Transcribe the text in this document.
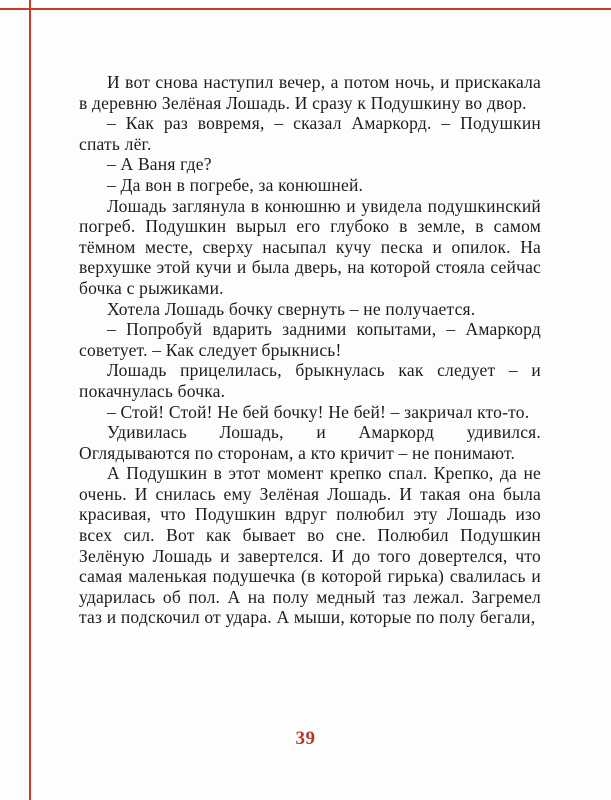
И вот снова наступил вечер, а потом ночь, и прискакала в деревню Зелёная Лошадь. И сразу к Подушкину во двор.

– Как раз вовремя, – сказал Амаркорд. – Подушкин спать лёг.

– А Ваня где?

– Да вон в погребе, за конюшней.

Лошадь заглянула в конюшню и увидела подушкинский погреб. Подушкин вырыл его глубоко в земле, в самом тёмном месте, сверху насыпал кучу песка и опилок. На верхушке этой кучи и была дверь, на которой стояла сейчас бочка с рыжиками.

Хотела Лошадь бочку свернуть – не получается.

– Попробуй вдарить задними копытами, – Амаркорд советует. – Как следует брыкнись!

Лошадь прицелилась, брыкнулась как следует – и покачнулась бочка.

– Стой! Стой! Не бей бочку! Не бей! – закричал кто-то.

Удивилась Лошадь, и Амаркорд удивился. Оглядываются по сторонам, а кто кричит – не понимают.

А Подушкин в этот момент крепко спал. Крепко, да не очень. И снилась ему Зелёная Лошадь. И такая она была красивая, что Подушкин вдруг полюбил эту Лошадь изо всех сил. Вот как бывает во сне. Полюбил Подушкин Зелёную Лошадь и завертелся. И до того довертелся, что самая маленькая подушечка (в которой гирька) свалилась и ударилась об пол. А на полу медный таз лежал. Загремел таз и подскочил от удара. А мыши, которые по полу бегали,

39
